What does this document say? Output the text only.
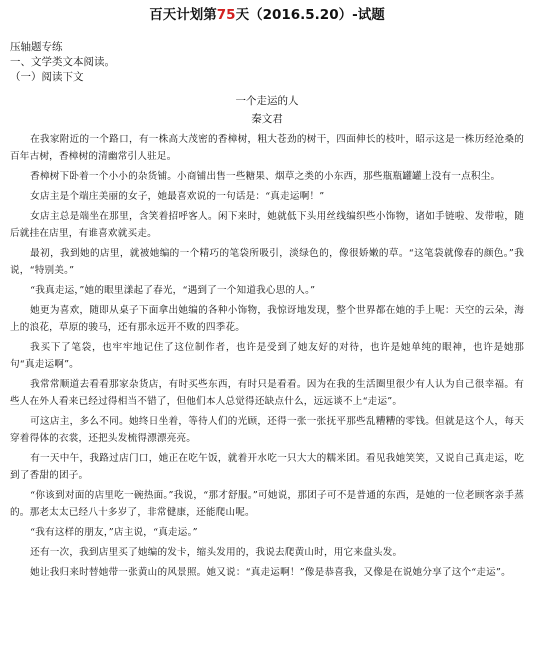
百天计划第75天（2016.5.20）-试题
压轴题专练
一、文学类文本阅读。
（一）阅读下文
一个走运的人
秦文君

在我家附近的一个路口，有一株高大茂密的香樟树，粗大苍劲的树干，四面伸长的枝叶，昭示这是一株历经沧桑的百年古树，香樟树的清幽常引人驻足。

香樟树下卧着一个小小的杂货铺。小商铺出售一些糖果、烟草之类的小东西，那些瓶瓶罐罐上没有一点积尘。

女店主是个端庄美丽的女子，她最喜欢说的一句话是：“真走运啊！”

女店主总是端坐在那里，含笑着招呼客人。闲下来时，她就低下头用丝线编织些小饰物，诸如手链啦、发带啦，随后就挂在店里，有谁喜欢就买走。

最初，我到她的店里，就被她编的一个精巧的笔袋所吸引，淡绿色的，像很娇嫩的草。“这笔袋就像春的颜色。”我说，“特别美。”

“我真走运，”她的眼里漾起了春光，“遇到了一个知道我心思的人。”

她更为喜欢，随即从桌子下面拿出她编的各种小饰物，我惊讶地发现，整个世界都在她的手上呢：天空的云朵，海上的浪花，草原的骏马，还有那永远开不败的四季花。

我买下了笔袋，也牢牢地记住了这位制作者，也许是受到了她友好的对待，也许是她单纯的眼神，也许是她那句“真走运啊”。

我常常顺道去看看那家杂货店，有时买些东西，有时只是看看。因为在我的生活圈里很少有人认为自己很幸福。有些人在外人看来已经过得相当不错了，但他们本人总觉得还缺点什么，远远谈不上“走运”。

可这店主，多么不同。她终日坐着，等待人们的光顾，还得一张一张抚平那些乱糟糟的零钱。但就是这个人，每天穿着得体的衣裳，还把头发梳得漂漂亮亮。

有一天中午，我路过店门口，她正在吃午饭，就着开水吃一只大大的糯米团。看见我她笑笑，又说自己真走运，吃到了香甜的团子。

“你该到对面的店里吃一碗热面。”我说，“那才舒服。”可她说，那团子可不是普通的东西，是她的一位老顾客亲手蒸的。那老太太已经八十多岁了，非常健康，还能爬山呢。

“我有这样的朋友，”店主说，“真走运。”

还有一次，我到店里买了她编的发卡，缩头发用的，我说去爬黄山时，用它来盘头发。

她让我归来时替她带一张黄山的风景照。她又说：“真走运啊！”像是恭喜我，又像是在说她分享了这个“走运”。
